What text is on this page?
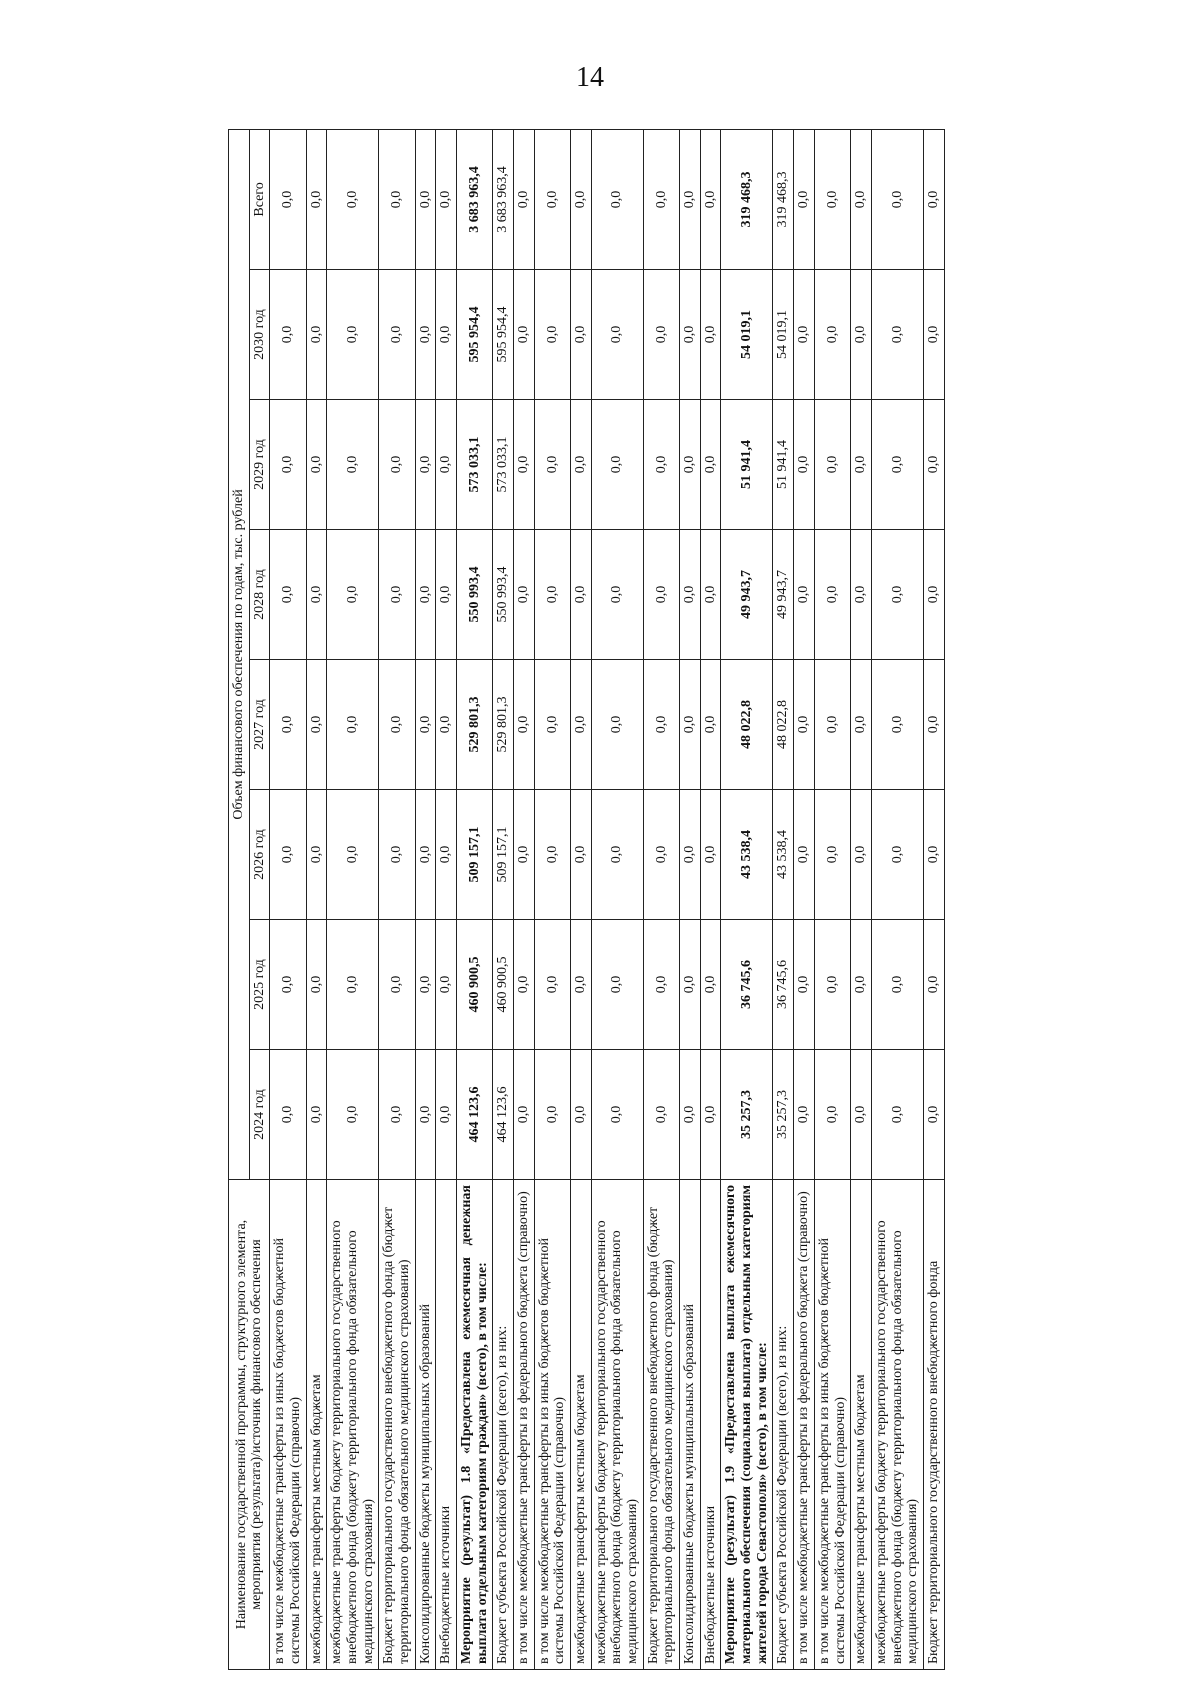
14
Наименование государственной программы, структурного элемента, мероприятия (результата)/источник финансового обеспечения	Объем финансового обеспечения по годам, тыс. рублей							
	2024 год	2025 год	2026 год	2027 год	2028 год	2029 год	2030 год	Всего
в том числе межбюджетные трансферты из иных бюджетов бюджетной системы Российской Федерации (справочно)	0,0	0,0	0,0	0,0	0,0	0,0	0,0	0,0
межбюджетные трансферты местным бюджетам	0,0	0,0	0,0	0,0	0,0	0,0	0,0	0,0
межбюджетные трансферты бюджету территориального государственного внебюджетного фонда (бюджету территориального фонда обязательного медицинского страхования)	0,0	0,0	0,0	0,0	0,0	0,0	0,0	0,0
Бюджет территориального государственного внебюджетного фонда (бюджет территориального фонда обязательного медицинского страхования)	0,0	0,0	0,0	0,0	0,0	0,0	0,0	0,0
Консолидированные бюджеты муниципальных образований	0,0	0,0	0,0	0,0	0,0	0,0	0,0	0,0
Внебюджетные источники	0,0	0,0	0,0	0,0	0,0	0,0	0,0	0,0
Мероприятие (результат) 1.8 «Предоставлена ежемесячная денежная выплата отдельным категориям граждан» (всего), в том числе:	464 123,6	460 900,5	509 157,1	529 801,3	550 993,4	573 033,1	595 954,4	3 683 963,4
Бюджет субъекта Российской Федерации (всего), из них:	464 123,6	460 900,5	509 157,1	529 801,3	550 993,4	573 033,1	595 954,4	3 683 963,4
в том числе межбюджетные трансферты из федерального бюджета (справочно)	0,0	0,0	0,0	0,0	0,0	0,0	0,0	0,0
в том числе межбюджетные трансферты из иных бюджетов бюджетной системы Российской Федерации (справочно)	0,0	0,0	0,0	0,0	0,0	0,0	0,0	0,0
межбюджетные трансферты местным бюджетам	0,0	0,0	0,0	0,0	0,0	0,0	0,0	0,0
межбюджетные трансферты бюджету территориального государственного внебюджетного фонда (бюджету территориального фонда обязательного медицинского страхования)	0,0	0,0	0,0	0,0	0,0	0,0	0,0	0,0
Бюджет территориального государственного внебюджетного фонда (бюджет территориального фонда обязательного медицинского страхования)	0,0	0,0	0,0	0,0	0,0	0,0	0,0	0,0
Консолидированные бюджеты муниципальных образований	0,0	0,0	0,0	0,0	0,0	0,0	0,0	0,0
Внебюджетные источники	0,0	0,0	0,0	0,0	0,0	0,0	0,0	0,0
Мероприятие (результат) 1.9 «Предоставлена выплата ежемесячного материального обеспечения (социальная выплата) отдельным категориям жителей города Севастополя» (всего), в том числе:	35 257,3	36 745,6	43 538,4	48 022,8	49 943,7	51 941,4	54 019,1	319 468,3
Бюджет субъекта Российской Федерации (всего), из них:	35 257,3	36 745,6	43 538,4	48 022,8	49 943,7	51 941,4	54 019,1	319 468,3
в том числе межбюджетные трансферты из федерального бюджета (справочно)	0,0	0,0	0,0	0,0	0,0	0,0	0,0	0,0
в том числе межбюджетные трансферты из иных бюджетов бюджетной системы Российской Федерации (справочно)	0,0	0,0	0,0	0,0	0,0	0,0	0,0	0,0
межбюджетные трансферты местным бюджетам	0,0	0,0	0,0	0,0	0,0	0,0	0,0	0,0
межбюджетные трансферты бюджету территориального государственного внебюджетного фонда (бюджету территориального фонда обязательного медицинского страхования)	0,0	0,0	0,0	0,0	0,0	0,0	0,0	0,0
Бюджет территориального государственного внебюджетного фонда	0,0	0,0	0,0	0,0	0,0	0,0	0,0	0,0
